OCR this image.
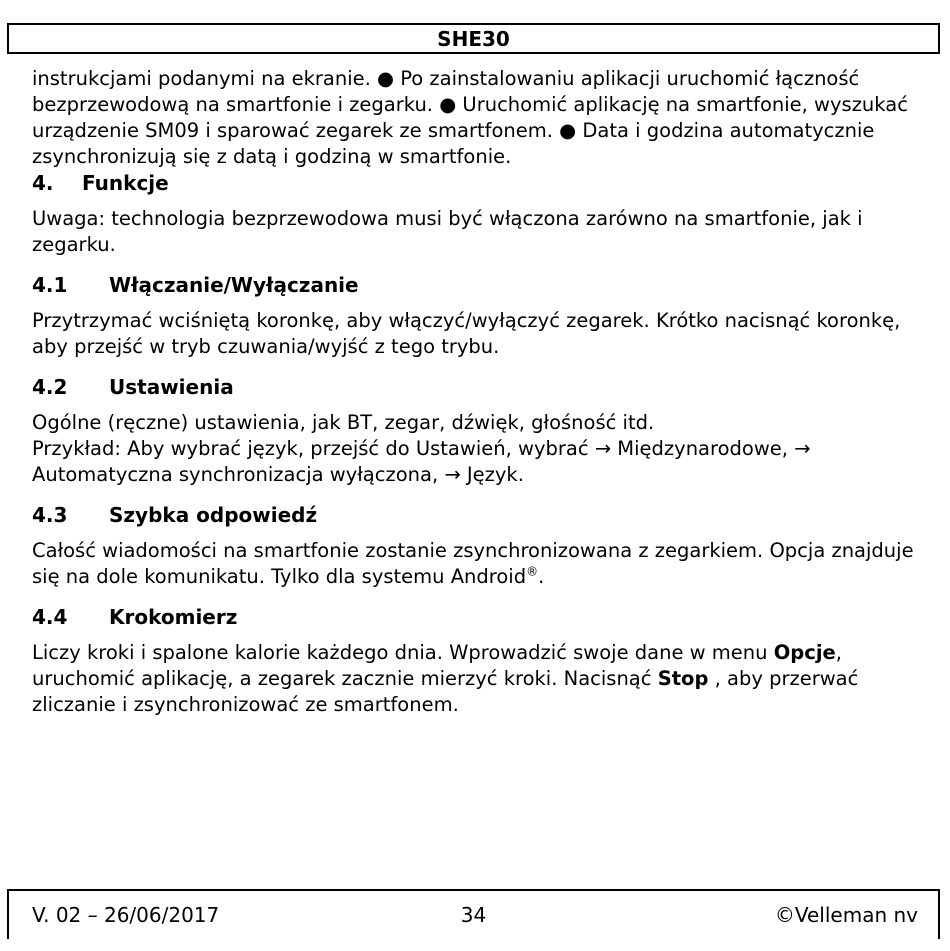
SHE30

instrukcjami podanymi na ekranie. ● Po zainstalowaniu aplikacji uruchomić łączność bezprzewodową na smartfonie i zegarku. ● Uruchomić aplikację na smartfonie, wyszukać urządzenie SM09 i sparować zegarek ze smartfonem. ● Data i godzina automatycznie zsynchronizują się z datą i godziną w smartfonie.

4.	Funkcje

Uwaga: technologia bezprzewodowa musi być włączona zarówno na smartfonie, jak i zegarku.

4.1	Włączanie/Wyłączanie

Przytrzymać wciśniętą koronkę, aby włączyć/wyłączyć zegarek. Krótko nacisnąć koronkę, aby przejść w tryb czuwania/wyjść z tego trybu.

4.2	Ustawienia

Ogólne (ręczne) ustawienia, jak BT, zegar, dźwięk, głośność itd.

Przykład: Aby wybrać język, przejść do Ustawień, wybrać → Międzynarodowe, → Automatyczna synchronizacja wyłączona, → Język.

4.3	Szybka odpowiedź

Całość wiadomości na smartfonie zostanie zsynchronizowana z zegarkiem. Opcja znajduje się na dole komunikatu. Tylko dla systemu Android®.

4.4	Krokomierz

Liczy kroki i spalone kalorie każdego dnia. Wprowadzić swoje dane w menu Opcje, uruchomić aplikację, a zegarek zacznie mierzyć kroki. Nacisnąć Stop , aby przerwać zliczanie i zsynchronizować ze smartfonem.

V. 02 – 26/06/2017	34	©Velleman nv
